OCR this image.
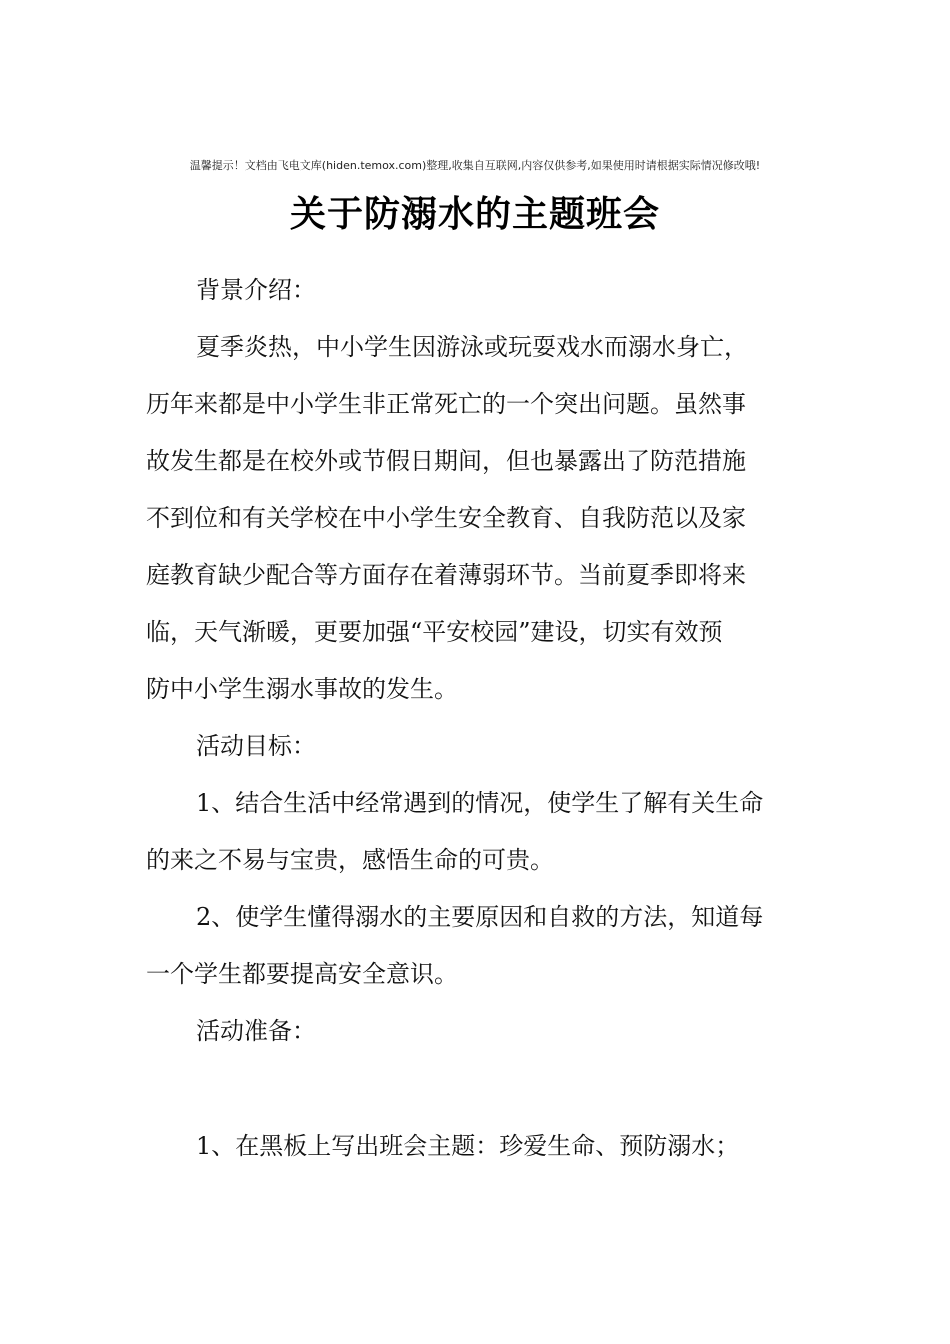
温馨提示！文档由飞电文库(hiden.temox.com)整理,收集自互联网,内容仅供参考,如果使用时请根据实际情况修改哦!
关于防溺水的主题班会

背景介绍：

夏季炎热，中小学生因游泳或玩耍戏水而溺水身亡，
历年来都是中小学生非正常死亡的一个突出问题。虽然事
故发生都是在校外或节假日期间，但也暴露出了防范措施
不到位和有关学校在中小学生安全教育、自我防范以及家
庭教育缺少配合等方面存在着薄弱环节。当前夏季即将来
临，天气渐暖，更要加强“平安校园”建设，切实有效预
防中小学生溺水事故的发生。

活动目标：

1、结合生活中经常遇到的情况，使学生了解有关生命
的来之不易与宝贵，感悟生命的可贵。

2、使学生懂得溺水的主要原因和自救的方法，知道每
一个学生都要提高安全意识。

活动准备：

1、在黑板上写出班会主题：珍爱生命、预防溺水；
